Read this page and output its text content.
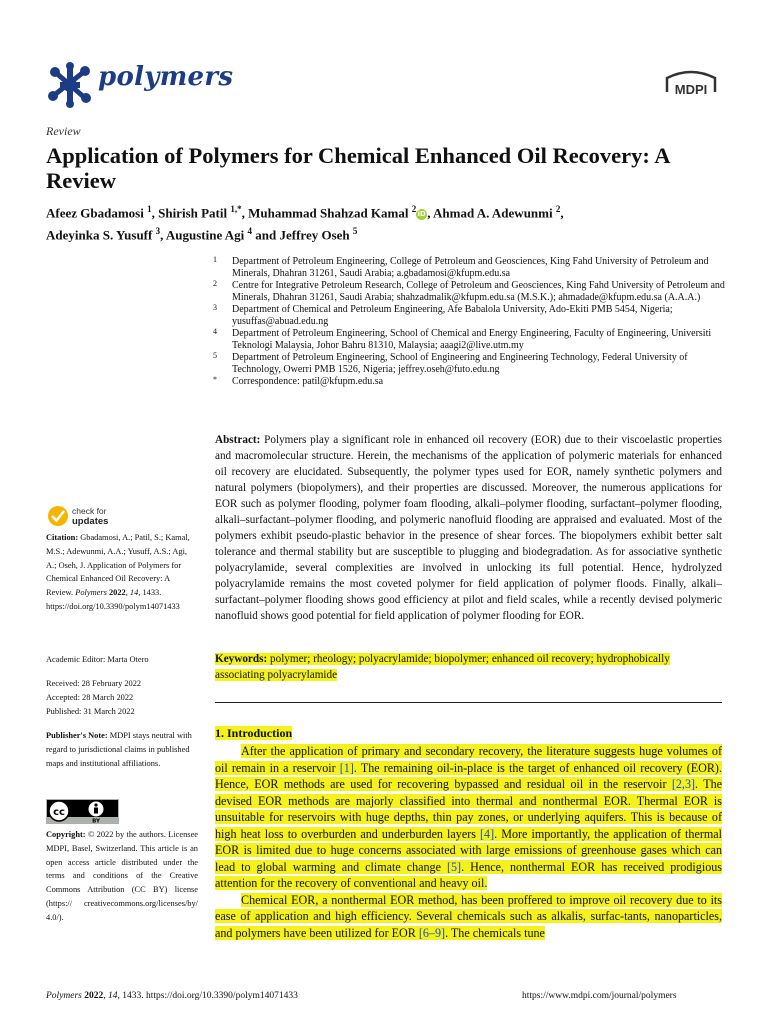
polymers	MDPI
Review
Application of Polymers for Chemical Enhanced Oil Recovery: A Review
Afeez Gbadamosi $^1$, Shirish Patil $^{1,*}$, Muhammad Shahzad Kamal $^2$iD, Ahmad A. Adewunmi $^2$,
Adeyinka S. Yusuff $^3$, Augustine Agi $^4$ and Jeffrey Oseh $^5$
1 Department of Petroleum Engineering, College of Petroleum and Geosciences, King Fahd University of Petroleum and Minerals, Dhahran 31261, Saudi Arabia; a.gbadamosi@kfupm.edu.sa
2 Centre for Integrative Petroleum Research, College of Petroleum and Geosciences, King Fahd University of Petroleum and Minerals, Dhahran 31261, Saudi Arabia; shahzadmalik@kfupm.edu.sa (M.S.K.); ahmadade@kfupm.edu.sa (A.A.A.)
3 Department of Chemical and Petroleum Engineering, Afe Babalola University, Ado-Ekiti PMB 5454, Nigeria; yusuffas@abuad.edu.ng
4 Department of Petroleum Engineering, School of Chemical and Energy Engineering, Faculty of Engineering, Universiti Teknologi Malaysia, Johor Bahru 81310, Malaysia; aaagi2@live.utm.my
5 Department of Petroleum Engineering, School of Engineering and Engineering Technology, Federal University of Technology, Owerri PMB 1526, Nigeria; jeffrey.oseh@futo.edu.ng
* Correspondence: patil@kfupm.edu.sa
Abstract: Polymers play a significant role in enhanced oil recovery (EOR) due to their viscoelastic properties and macromolecular structure. Herein, the mechanisms of the application of polymeric materials for enhanced oil recovery are elucidated. Subsequently, the polymer types used for EOR, namely synthetic polymers and natural polymers (biopolymers), and their properties are discussed. Moreover, the numerous applications for EOR such as polymer flooding, polymer foam flooding, alkali–polymer flooding, surfactant–polymer flooding, alkali–surfactant–polymer flooding, and polymeric nanofluid flooding are appraised and evaluated. Most of the polymers exhibit pseudo-plastic behavior in the presence of shear forces. The biopolymers exhibit better salt tolerance and thermal stability but are susceptible to plugging and biodegradation. As for associative synthetic polyacrylamide, several complexities are involved in unlocking its full potential. Hence, hydrolyzed polyacrylamide remains the most coveted polymer for field application of polymer floods. Finally, alkali–surfactant–polymer flooding shows good efficiency at pilot and field scales, while a recently devised polymeric nanofluid shows good potential for field application of polymer flooding for EOR.
Keywords: polymer; rheology; polyacrylamide; biopolymer; enhanced oil recovery; hydrophobically associating polyacrylamide
1. Introduction

After the application of primary and secondary recovery, the literature suggests huge volumes of oil remain in a reservoir [1]. The remaining oil-in-place is the target of enhanced oil recovery (EOR). Hence, EOR methods are used for recovering bypassed and residual oil in the reservoir [2,3]. The devised EOR methods are majorly classified into thermal and nonthermal EOR. Thermal EOR is unsuitable for reservoirs with huge depths, thin pay zones, or underlying aquifers. This is because of high heat loss to overburden and underburden layers [4]. More importantly, the application of thermal EOR is limited due to huge concerns associated with large emissions of greenhouse gases which can lead to global warming and climate change [5]. Hence, nonthermal EOR has received prodigious attention for the recovery of conventional and heavy oil.

Chemical EOR, a nonthermal EOR method, has been proffered to improve oil recovery due to its ease of application and high efficiency. Several chemicals such as alkalis, surfac-tants, nanoparticles, and polymers have been utilized for EOR [6–9]. The chemicals tune

check for
updates
Citation: Gbadamosi, A.; Patil, S.; Kamal, M.S.; Adewunmi, A.A.; Yusuff, A.S.; Agi, A.; Oseh, J. Application of Polymers for Chemical Enhanced Oil Recovery: A Review. Polymers 2022, 14, 1433. https://doi.org/10.3390/polym14071433
Academic Editor: Marta Otero
Received: 28 February 2022
Accepted: 28 March 2022
Published: 31 March 2022
Publisher's Note: MDPI stays neutral with regard to jurisdictional claims in published maps and institutional affiliations.
cc
BY
Copyright: © 2022 by the authors. Licensee MDPI, Basel, Switzerland. This article is an open access article distributed under the terms and conditions of the Creative Commons Attribution (CC BY) license (https:// creativecommons.org/licenses/by/ 4.0/).
Polymers 2022, 14, 1433. https://doi.org/10.3390/polym14071433	https://www.mdpi.com/journal/polymers
